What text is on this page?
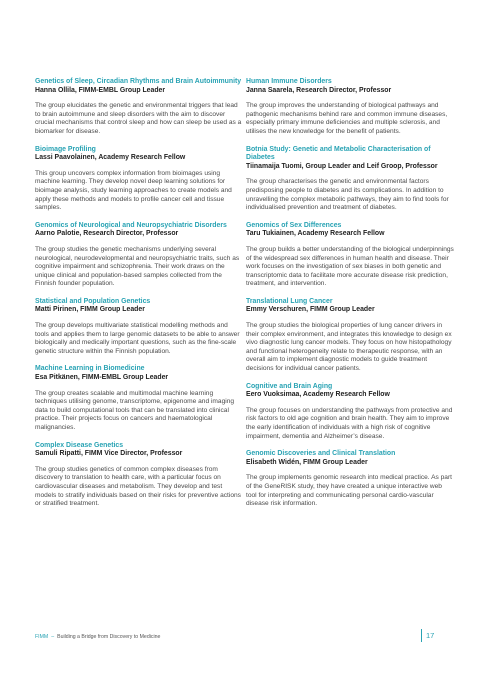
Genetics of Sleep, Circadian Rhythms and Brain Autoimmunity

Hanna Ollila, FIMM-EMBL Group Leader

The group elucidates the genetic and environmental triggers that lead to brain autoimmune and sleep disorders with the aim to discover crucial mechanisms that control sleep and how can sleep be used as a biomarker for disease.

Bioimage Profiling

Lassi Paavolainen, Academy Research Fellow

This group uncovers complex information from bioimages using machine learning. They develop novel deep learning solutions for bioimage analysis, study learning approaches to create models and apply these methods and models to profile cancer cell and tissue samples.

Genomics of Neurological and Neuropsychiatric Disorders

Aarno Palotie, Research Director, Professor

The group studies the genetic mechanisms underlying several neurological, neurodevelopmental and neuropsychiatric traits, such as cognitive impairment and schizophrenia. Their work draws on the unique clinical and population-based samples collected from the Finnish founder population.

Statistical and Population Genetics

Matti Pirinen, FIMM Group Leader

The group develops multivariate statistical modelling methods and tools and applies them to large genomic datasets to be able to answer biologically and medically important questions, such as the fine-scale genetic structure within the Finnish population.

Machine Learning in Biomedicine

Esa Pitkänen, FIMM-EMBL Group Leader

The group creates scalable and multimodal machine learning techniques utilising genome, transcriptome, epigenome and imaging data to build computational tools that can be translated into clinical practice. Their projects focus on cancers and haematological malignancies.

Complex Disease Genetics

Samuli Ripatti, FIMM Vice Director, Professor

The group studies genetics of common complex diseases from discovery to translation to health care, with a particular focus on cardiovascular diseases and metabolism. They develop and test models to stratify individuals based on their risks for preventive actions or stratified treatment.

Human Immune Disorders

Janna Saarela, Research Director, Professor

The group improves the understanding of biological pathways and pathogenic mechanisms behind rare and common immune diseases, especially primary immune deficiencies and multiple sclerosis, and utilises the new knowledge for the benefit of patients.

Botnia Study: Genetic and Metabolic Characterisation of Diabetes

Tiinamaija Tuomi, Group Leader and Leif Groop, Professor

The group characterises the genetic and environmental factors predisposing people to diabetes and its complications. In addition to unravelling the complex metabolic pathways, they aim to find tools for individualised prevention and treatment of diabetes.

Genomics of Sex Differences

Taru Tukiainen, Academy Research Fellow

The group builds a better understanding of the biological underpinnings of the widespread sex differences in human health and disease. Their work focuses on the investigation of sex biases in both genetic and transcriptomic data to facilitate more accurate disease risk prediction, treatment, and intervention.

Translational Lung Cancer

Emmy Verschuren, FIMM Group Leader

The group studies the biological properties of lung cancer drivers in their complex environment, and integrates this knowledge to design ex vivo diagnostic lung cancer models. They focus on how histopathology and functional heterogeneity relate to therapeutic response, with an overall aim to implement diagnostic models to guide treatment decisions for individual cancer patients.

Cognitive and Brain Aging

Eero Vuoksimaa, Academy Research Fellow

The group focuses on understanding the pathways from protective and risk factors to old age cognition and brain health. They aim to improve the early identification of individuals with a high risk of cognitive impairment, dementia and Alzheimer’s disease.

Genomic Discoveries and Clinical Translation

Elisabeth Widén, FIMM Group Leader

The group implements genomic research into medical practice. As part of the GeneRISK study, they have created a unique interactive web tool for interpreting and communicating personal cardio-vascular disease risk information.

FIMM – Building a Bridge from Discovery to Medicine	17
